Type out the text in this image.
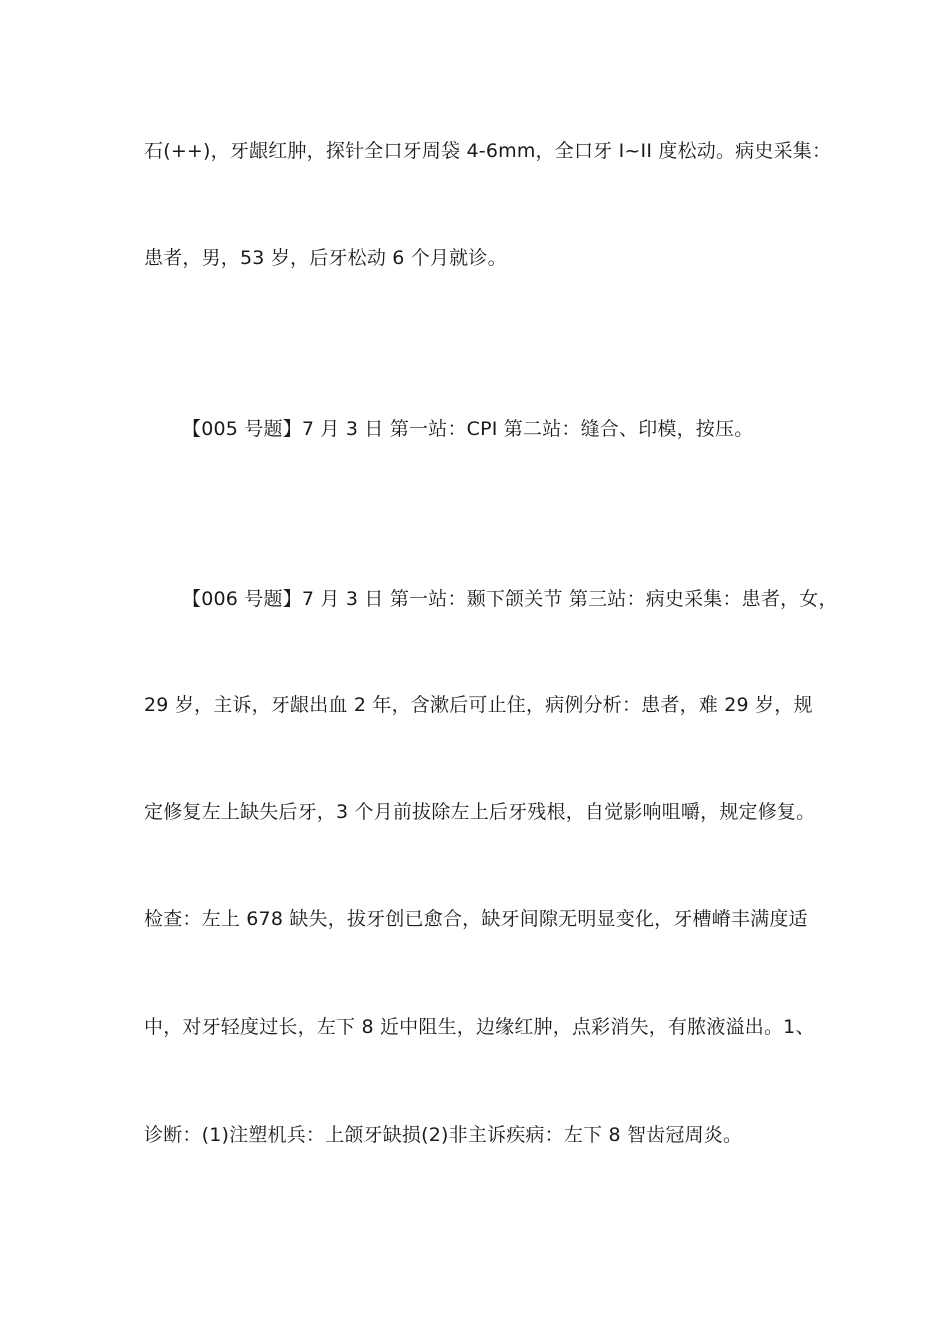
石(++)，牙龈红肿，探针全口牙周袋 4-6mm，全口牙 I~II 度松动。病史采集：
患者，男，53 岁，后牙松动 6 个月就诊。
【005 号题】7 月 3 日 第一站：CPI 第二站：缝合、印模，按压。
【006 号题】7 月 3 日 第一站：颞下颌关节 第三站：病史采集：患者，女，
29 岁，主诉，牙龈出血 2 年，含漱后可止住，病例分析：患者，难 29 岁，规
定修复左上缺失后牙，3 个月前拔除左上后牙残根，自觉影响咀嚼，规定修复。
检查：左上 678 缺失，拔牙创已愈合，缺牙间隙无明显变化，牙槽嵴丰满度适
中，对牙轻度过长，左下 8 近中阻生，边缘红肿，点彩消失，有脓液溢出。1、
诊断：(1)注塑机兵：上颌牙缺损(2)非主诉疾病：左下 8 智齿冠周炎。
